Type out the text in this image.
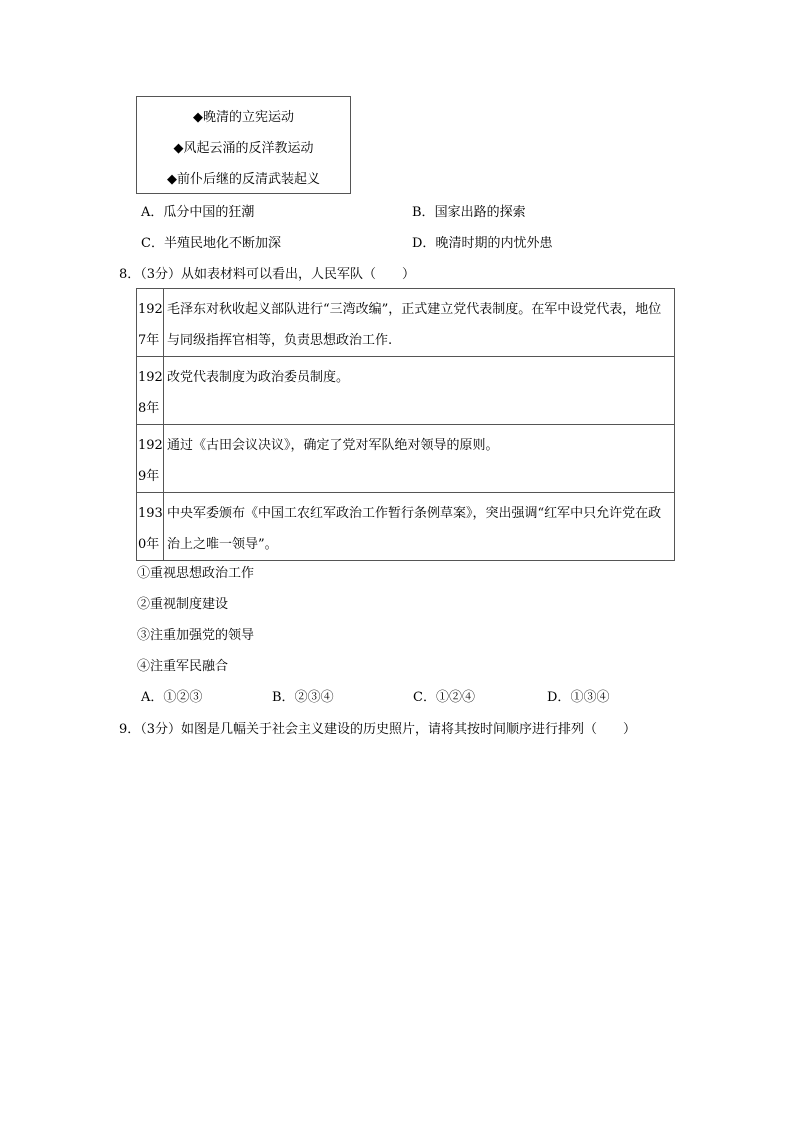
◆晚清的立宪运动
◆风起云涌的反洋教运动
◆前仆后继的反清武装起义
A．瓜分中国的狂潮	B．国家出路的探索
C．半殖民地化不断加深	D．晚清时期的内忧外患
8．（3分）从如表材料可以看出，人民军队（　　）
1927年	毛泽东对秋收起义部队进行“三湾改编”，正式建立党代表制度。在军中设党代表，地位与同级指挥官相等，负责思想政治工作.
1928年	改党代表制度为政治委员制度。
1929年	通过《古田会议决议》，确定了党对军队绝对领导的原则。
1930年	中央军委颁布《中国工农红军政治工作暂行条例草案》，突出强调“红军中只允许党在政治上之唯一领导”。
①重视思想政治工作
②重视制度建设
③注重加强党的领导
④注重军民融合
A．①②③	B．②③④	C．①②④	D．①③④
9．（3分）如图是几幅关于社会主义建设的历史照片，请将其按时间顺序进行排列（　　）
